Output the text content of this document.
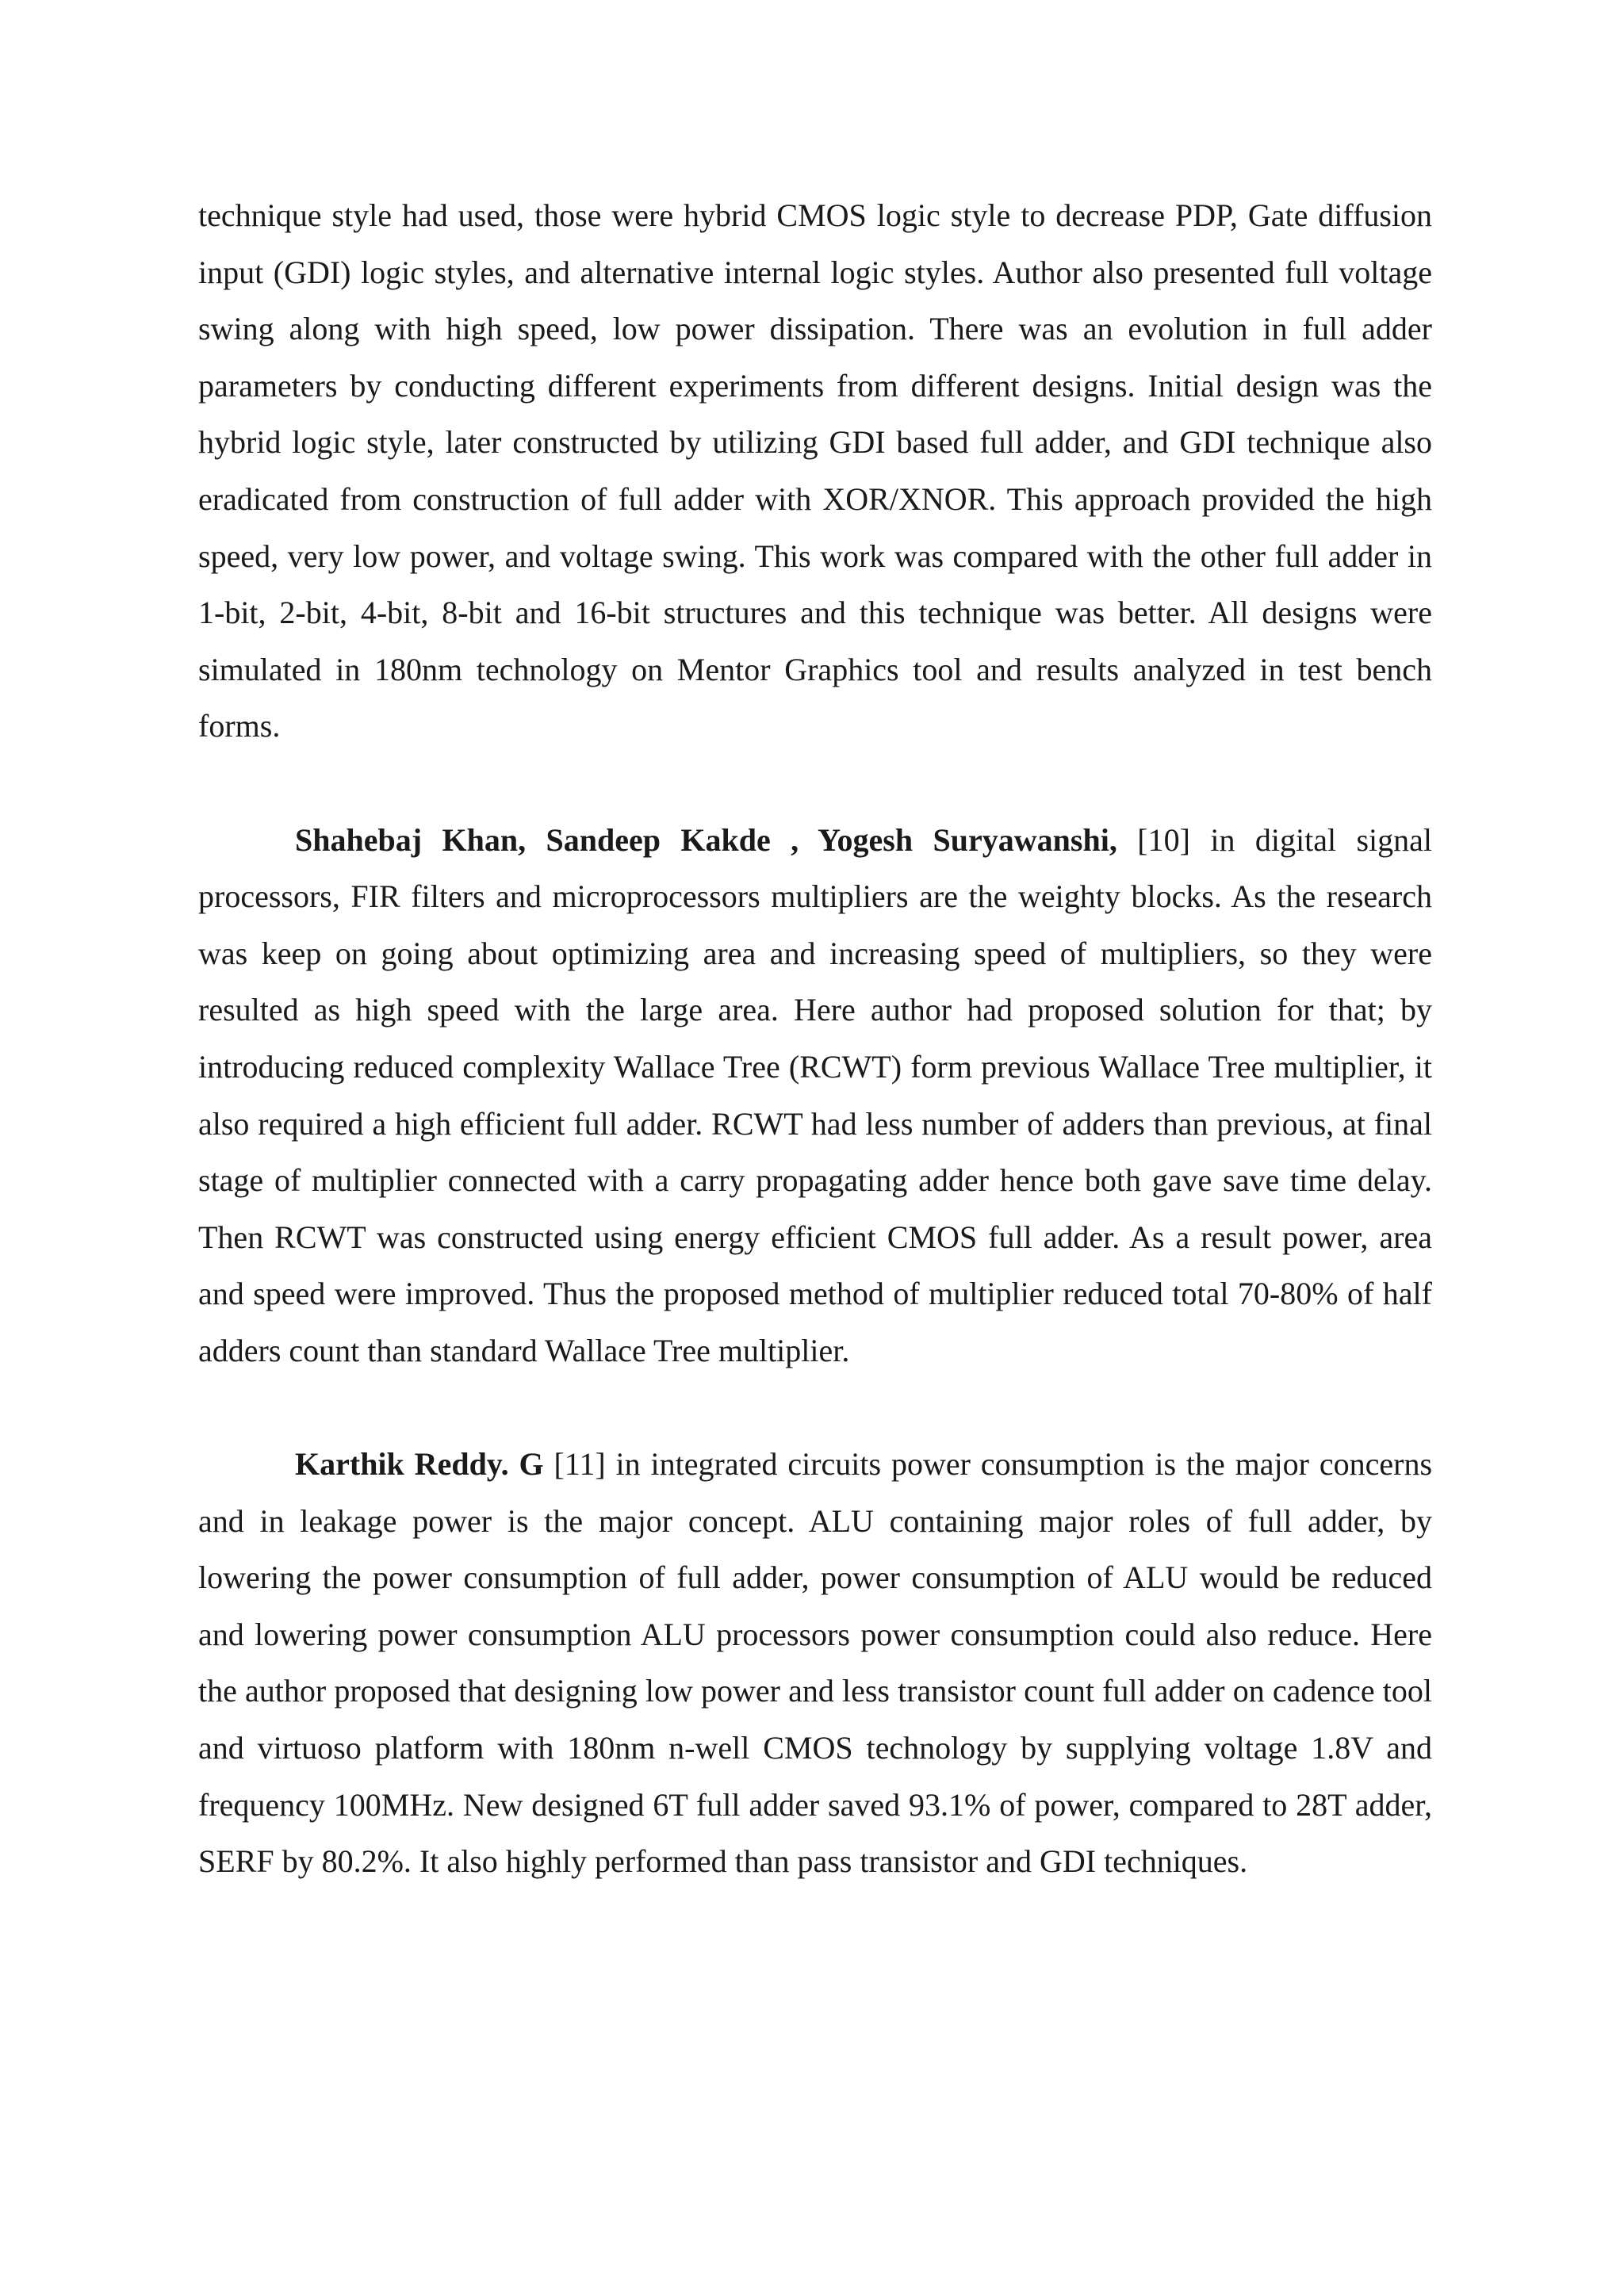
technique style had used, those were hybrid CMOS logic style to decrease PDP, Gate diffusion input (GDI) logic styles, and alternative internal logic styles. Author also presented full voltage swing along with high speed, low power dissipation. There was an evolution in full adder parameters by conducting different experiments from different designs. Initial design was the hybrid logic style, later constructed by utilizing GDI based full adder, and GDI technique also eradicated from construction of full adder with XOR/XNOR. This approach provided the high speed, very low power, and voltage swing. This work was compared with the other full adder in 1-bit, 2-bit, 4-bit, 8-bit and 16-bit structures and this technique was better. All designs were simulated in 180nm technology on Mentor Graphics tool and results analyzed in test bench forms.

Shahebaj Khan, Sandeep Kakde , Yogesh Suryawanshi, [10] in digital signal processors, FIR filters and microprocessors multipliers are the weighty blocks. As the research was keep on going about optimizing area and increasing speed of multipliers, so they were resulted as high speed with the large area. Here author had proposed solution for that; by introducing reduced complexity Wallace Tree (RCWT) form previous Wallace Tree multiplier, it also required a high efficient full adder. RCWT had less number of adders than previous, at final stage of multiplier connected with a carry propagating adder hence both gave save time delay. Then RCWT was constructed using energy efficient CMOS full adder. As a result power, area and speed were improved. Thus the proposed method of multiplier reduced total 70-80% of half adders count than standard Wallace Tree multiplier.

Karthik Reddy. G [11] in integrated circuits power consumption is the major concerns and in leakage power is the major concept. ALU containing major roles of full adder, by lowering the power consumption of full adder, power consumption of ALU would be reduced and lowering power consumption ALU processors power consumption could also reduce. Here the author proposed that designing low power and less transistor count full adder on cadence tool and virtuoso platform with 180nm n-well CMOS technology by supplying voltage 1.8V and frequency 100MHz. New designed 6T full adder saved 93.1% of power, compared to 28T adder, SERF by 80.2%. It also highly performed than pass transistor and GDI techniques.
